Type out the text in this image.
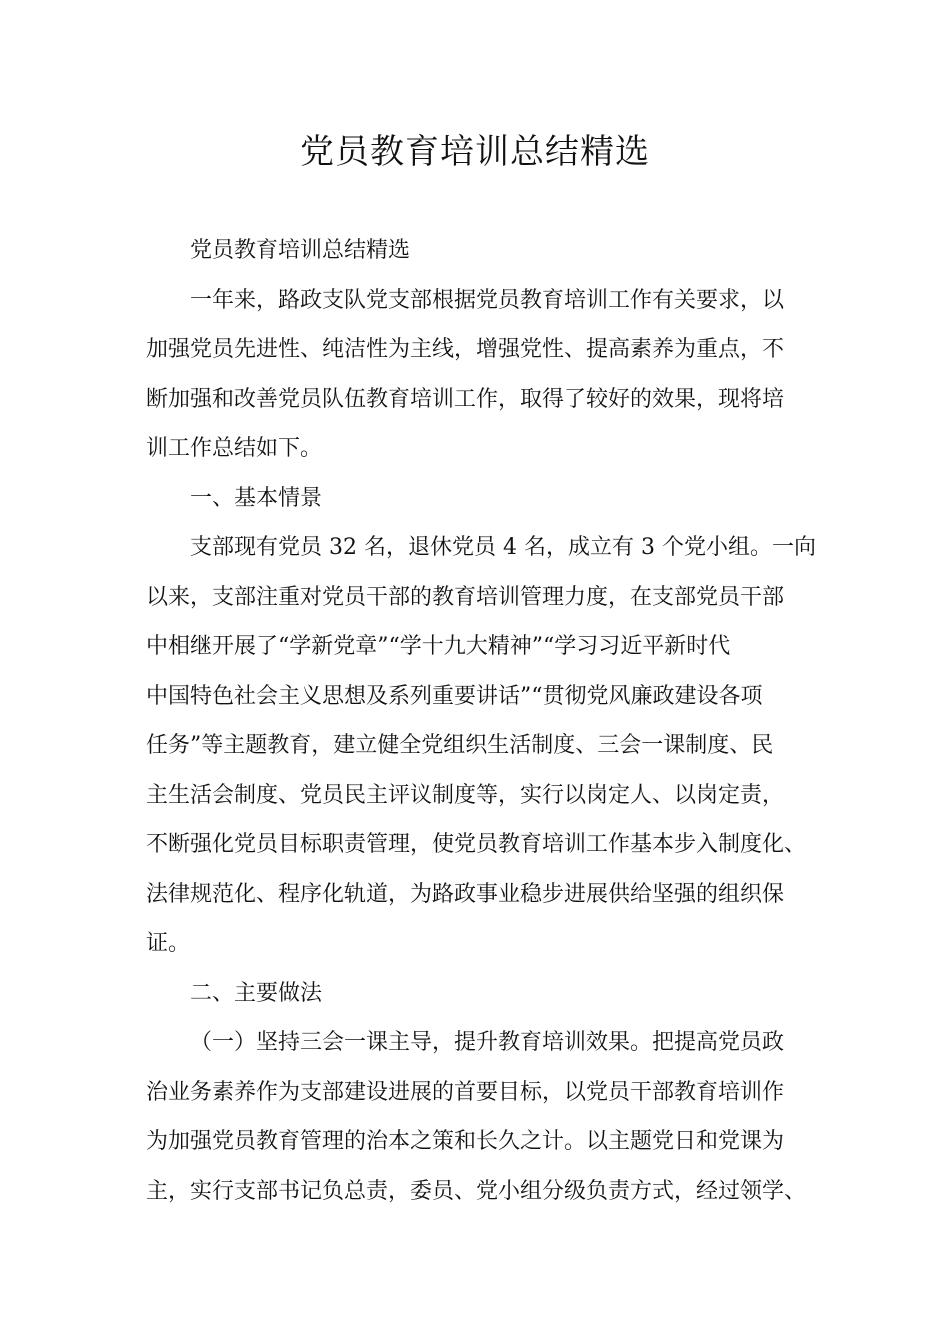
党员教育培训总结精选
党员教育培训总结精选
一年来，路政支队党支部根据党员教育培训工作有关要求，以
加强党员先进性、纯洁性为主线，增强党性、提高素养为重点，不
断加强和改善党员队伍教育培训工作，取得了较好的效果，现将培
训工作总结如下。
一、基本情景
支部现有党员 32 名，退休党员 4 名，成立有 3 个党小组。一向
以来，支部注重对党员干部的教育培训管理力度，在支部党员干部
中相继开展了“学新党章”“学十九大精神”“学习习近平新时代
中国特色社会主义思想及系列重要讲话”“贯彻党风廉政建设各项
任务”等主题教育，建立健全党组织生活制度、三会一课制度、民
主生活会制度、党员民主评议制度等，实行以岗定人、以岗定责，
不断强化党员目标职责管理，使党员教育培训工作基本步入制度化、
法律规范化、程序化轨道，为路政事业稳步进展供给坚强的组织保
证。
二、主要做法
（一）坚持三会一课主导，提升教育培训效果。把提高党员政
治业务素养作为支部建设进展的首要目标，以党员干部教育培训作
为加强党员教育管理的治本之策和长久之计。以主题党日和党课为
主，实行支部书记负总责，委员、党小组分级负责方式，经过领学、
